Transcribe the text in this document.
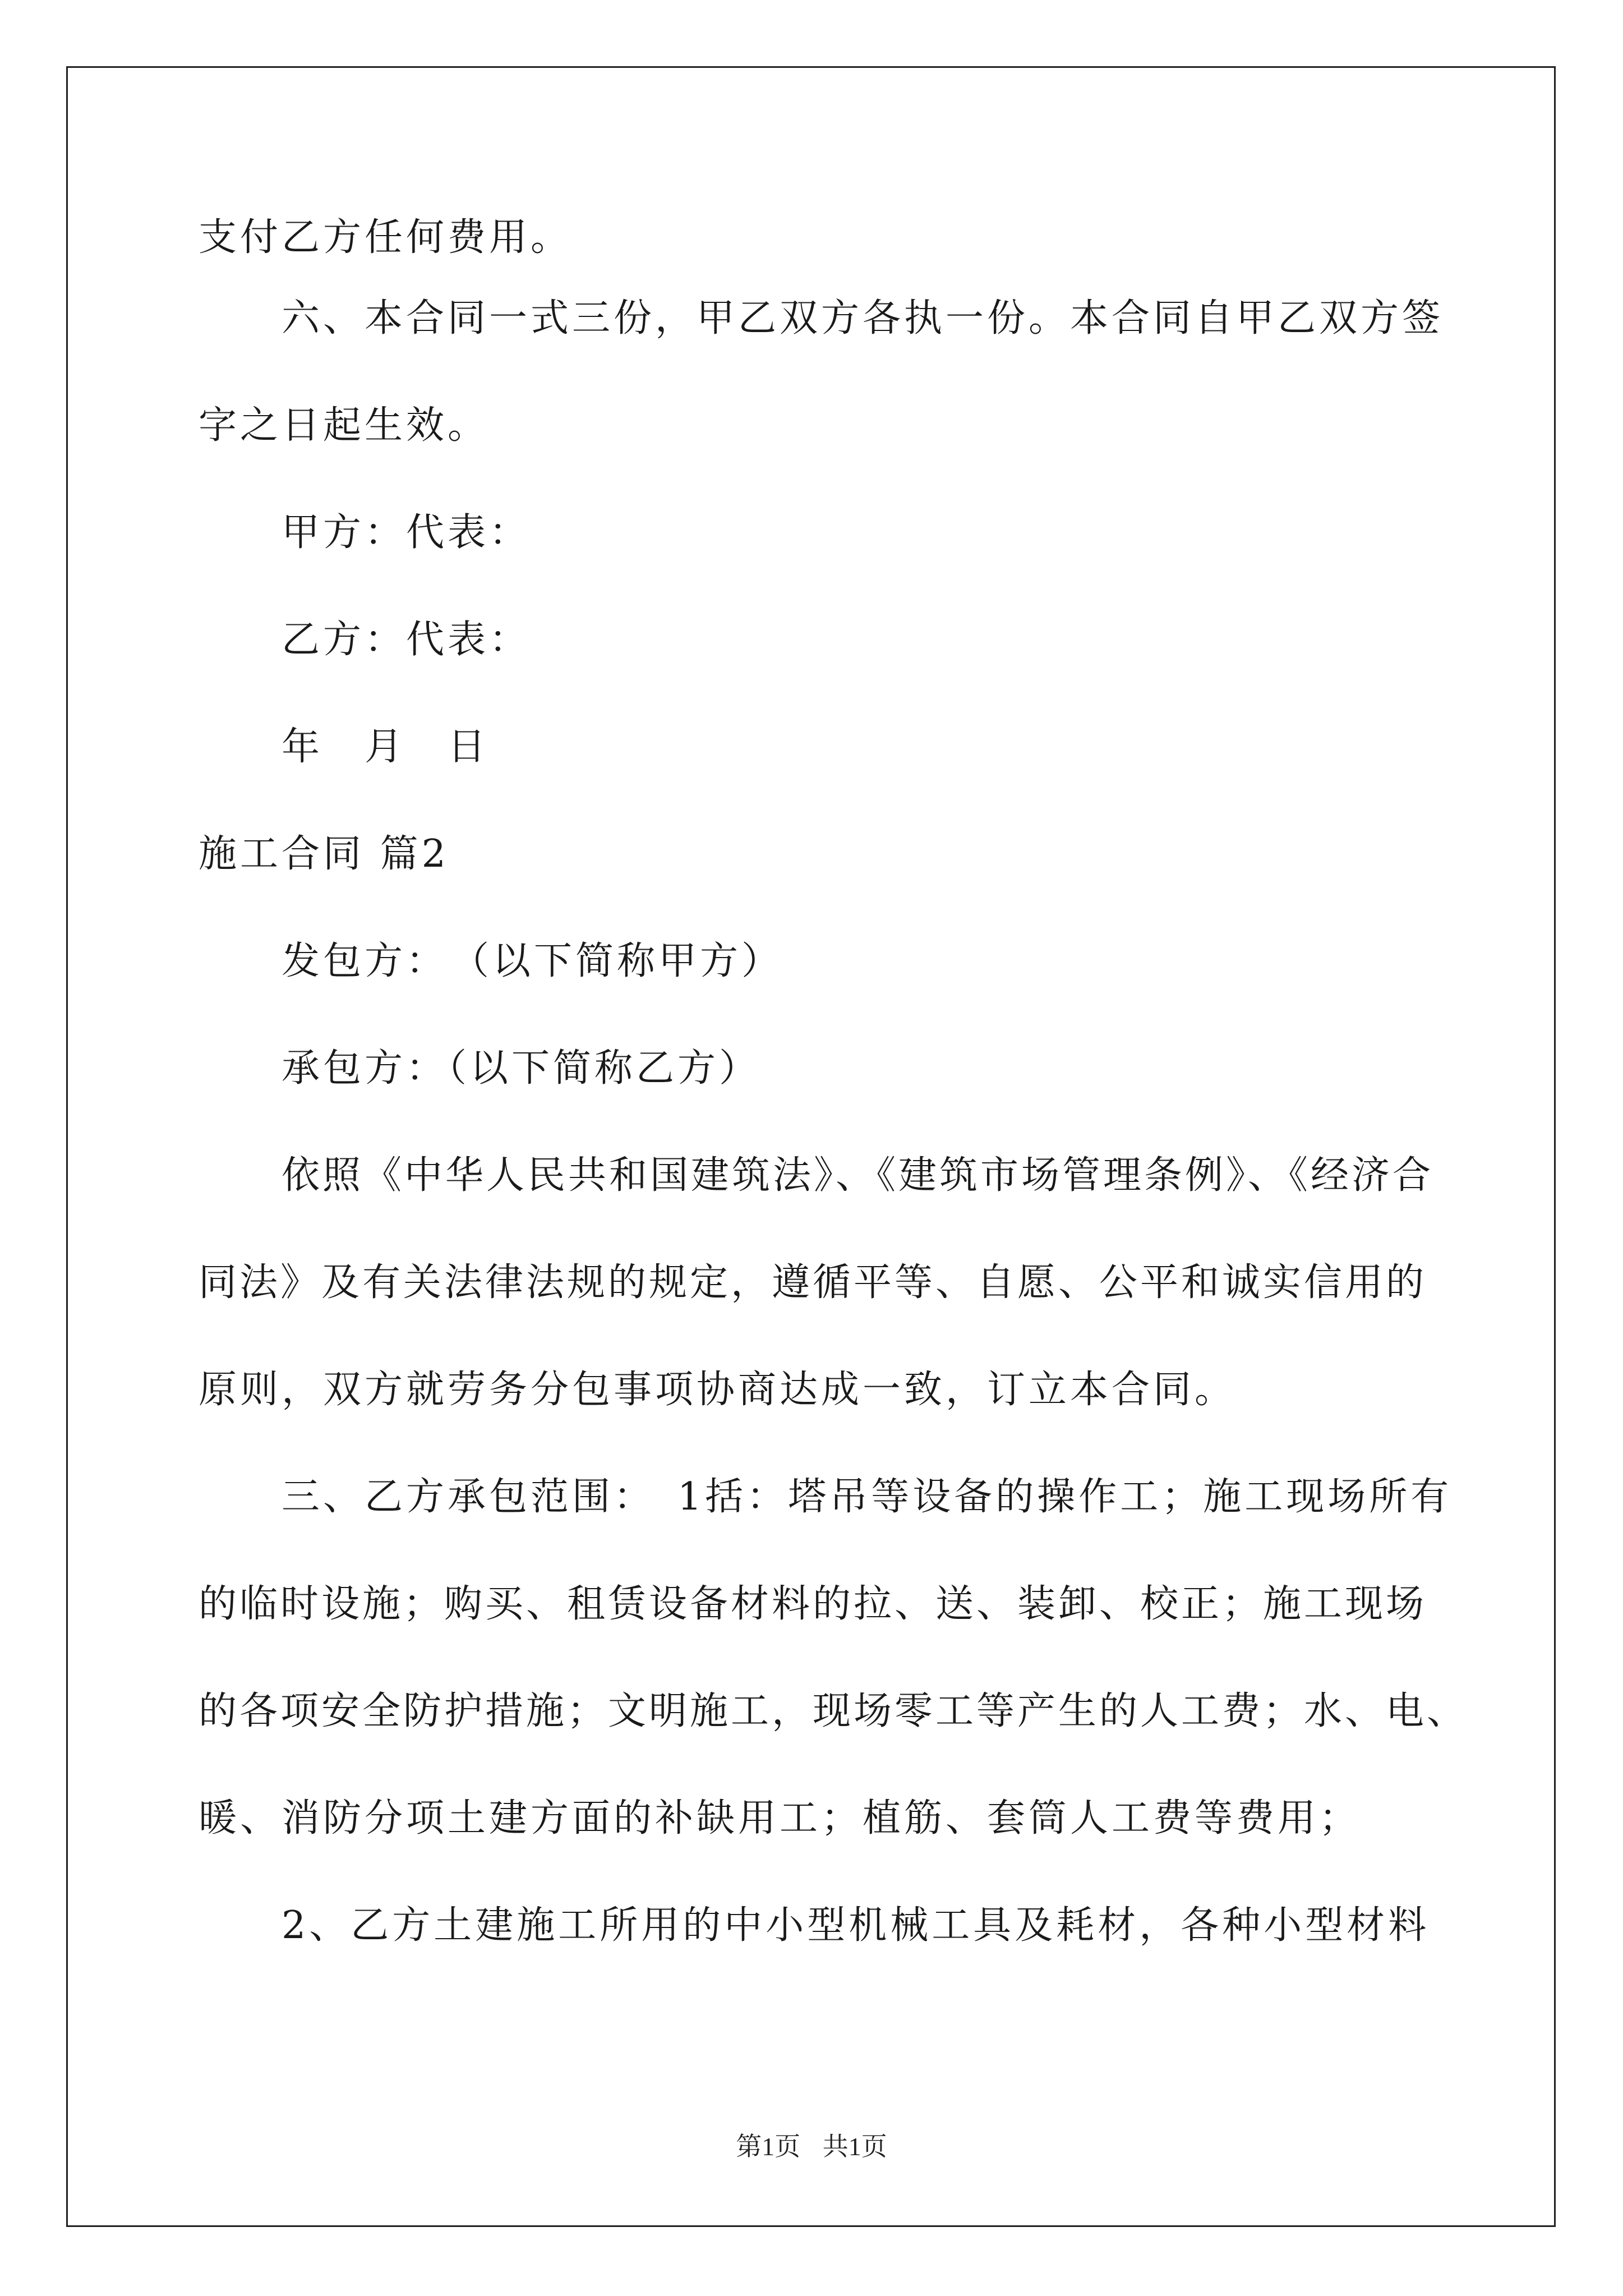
支付乙方任何费用。
六、本合同一式三份，甲乙双方各执一份。本合同自甲乙双方签
字之日起生效。
甲方：代表：
乙方：代表：
年　月　日
施工合同 篇2
发包方：　（以下简称甲方）
承包方：（以下简称乙方）
依照《中华人民共和国建筑法》、《建筑市场管理条例》、《经济合
同法》及有关法律法规的规定，遵循平等、自愿、公平和诚实信用的
原则，双方就劳务分包事项协商达成一致，订立本合同。
三、乙方承包范围：　1括：塔吊等设备的操作工；施工现场所有
的临时设施；购买、租赁设备材料的拉、送、装卸、校正；施工现场
的各项安全防护措施；文明施工，现场零工等产生的人工费；水、电、
暖、消防分项土建方面的补缺用工；植筋、套筒人工费等费用；
2、乙方土建施工所用的中小型机械工具及耗材，各种小型材料
第1页 共1页
